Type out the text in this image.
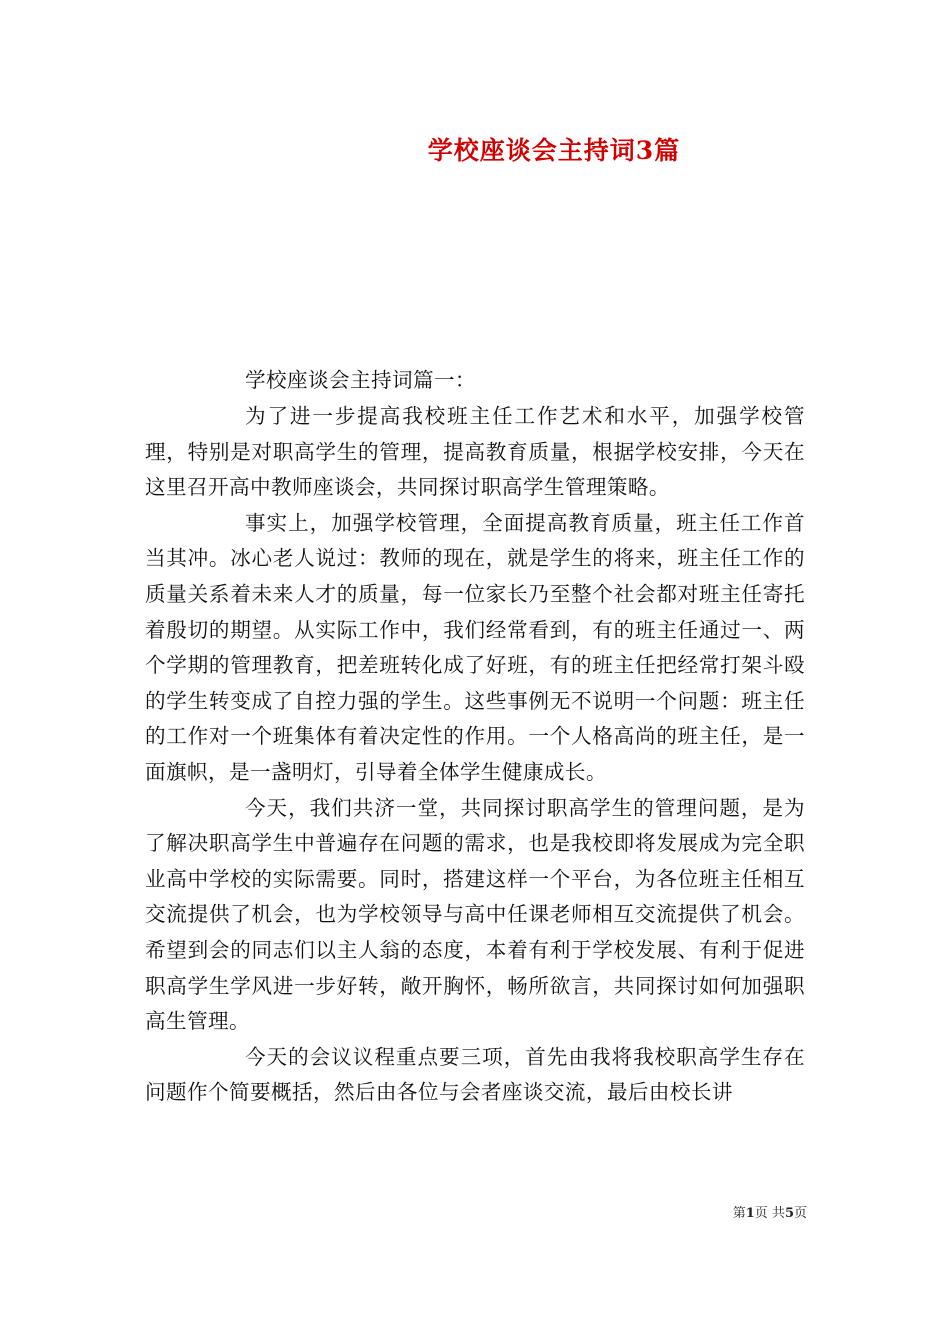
学校座谈会主持词3篇

学校座谈会主持词篇一：

为了进一步提高我校班主任工作艺术和水平，加强学校管理，特别是对职高学生的管理，提高教育质量，根据学校安排，今天在这里召开高中教师座谈会，共同探讨职高学生管理策略。

事实上，加强学校管理，全面提高教育质量，班主任工作首当其冲。冰心老人说过：教师的现在，就是学生的将来，班主任工作的质量关系着未来人才的质量，每一位家长乃至整个社会都对班主任寄托着殷切的期望。从实际工作中，我们经常看到，有的班主任通过一、两个学期的管理教育，把差班转化成了好班，有的班主任把经常打架斗殴的学生转变成了自控力强的学生。这些事例无不说明一个问题：班主任的工作对一个班集体有着决定性的作用。一个人格高尚的班主任，是一面旗帜，是一盏明灯，引导着全体学生健康成长。

今天，我们共济一堂，共同探讨职高学生的管理问题，是为了解决职高学生中普遍存在问题的需求，也是我校即将发展成为完全职业高中学校的实际需要。同时，搭建这样一个平台，为各位班主任相互交流提供了机会，也为学校领导与高中任课老师相互交流提供了机会。希望到会的同志们以主人翁的态度，本着有利于学校发展、有利于促进职高学生学风进一步好转，敞开胸怀，畅所欲言，共同探讨如何加强职高生管理。

今天的会议议程重点要三项，首先由我将我校职高学生存在问题作个简要概括，然后由各位与会者座谈交流，最后由校长讲

第1页 共5页
